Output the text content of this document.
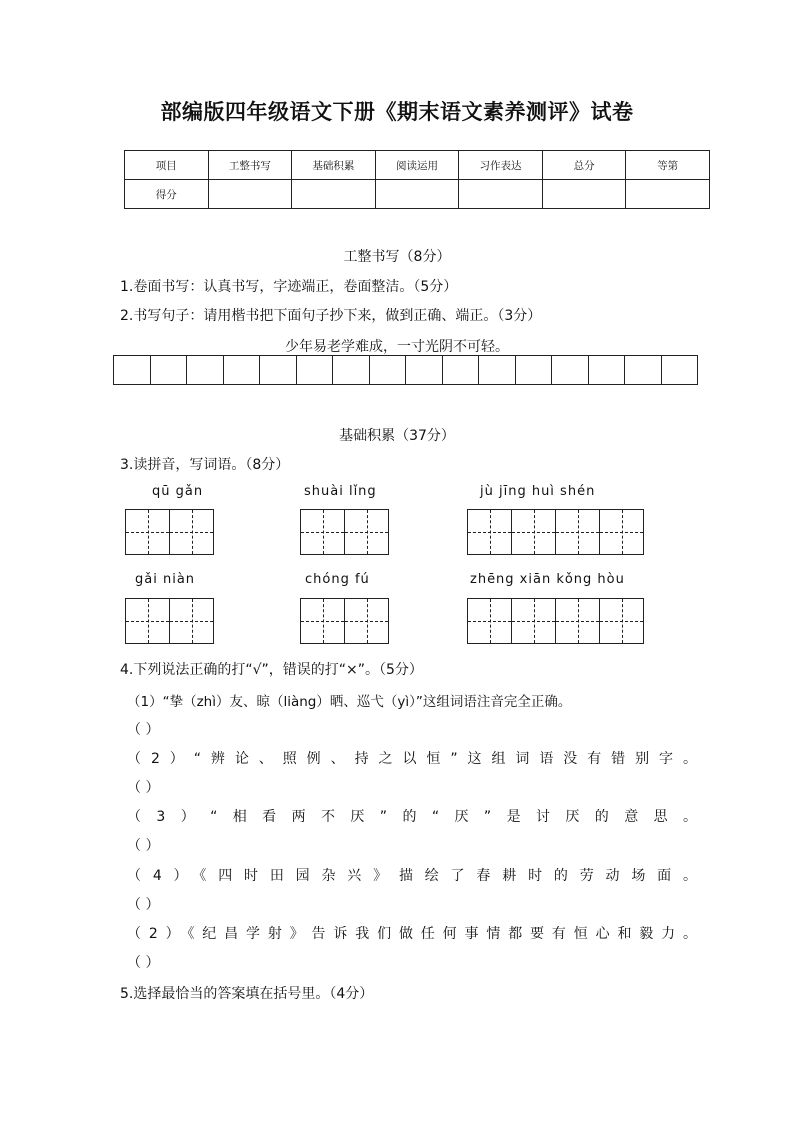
部编版四年级语文下册《期末语文素养测评》试卷
项目	工整书写	基础积累	阅读运用	习作表达	总分	等第
得分						
工整书写（8分）
1.卷面书写：认真书写，字迹端正，卷面整洁。（5分）
2.书写句子：请用楷书把下面句子抄下来，做到正确、端正。（3分）
少年易老学难成，一寸光阴不可轻。
基础积累（37分）
3.读拼音，写词语。（8分）
qū gǎn	shuài lǐng	jù jīng huì shén
gǎi niàn	chóng fú	zhēng xiān kǒng hòu
4.下列说法正确的打“√”，错误的打“×”。（5分）
（1）“挚（zhì）友、晾（liàng）晒、巡弋（yì）”这组词语注音完全正确。
（ ）
（2）“辨论、照例、持之以恒”这组词语没有错别字。
（ ）
（3）“相看两不厌”的“厌”是讨厌的意思。
（ ）
（4）《四时田园杂兴》描绘了春耕时的劳动场面。
（ ）
（2）《纪昌学射》告诉我们做任何事情都要有恒心和毅力。
（ ）
5.选择最恰当的答案填在括号里。（4分）
